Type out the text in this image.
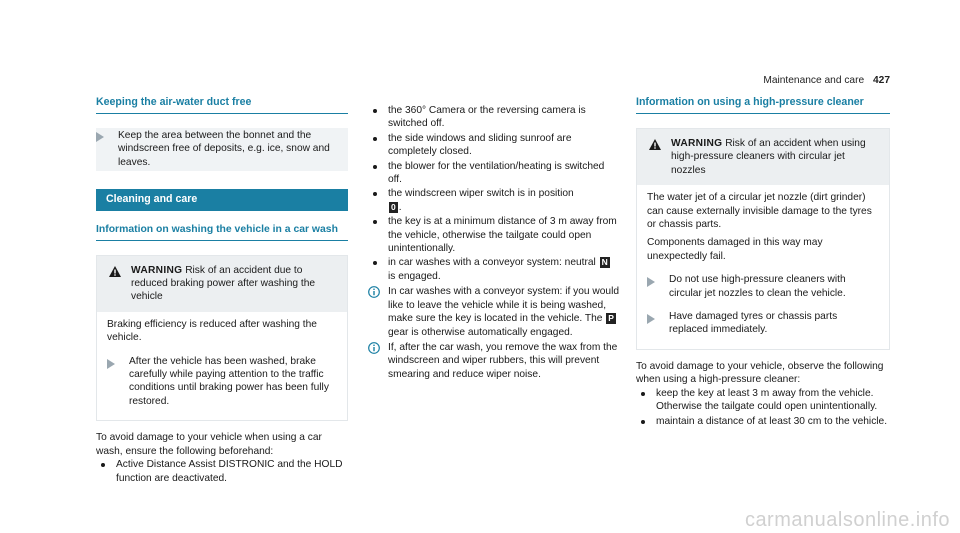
Maintenance and care 427
Keeping the air-water duct free
Keep the area between the bonnet and the windscreen free of deposits, e.g. ice, snow and leaves.
Cleaning and care
Information on washing the vehicle in a car wash
WARNING Risk of an accident due to reduced braking power after washing the vehicle

Braking efficiency is reduced after washing the vehicle.

After the vehicle has been washed, brake carefully while paying attention to the traffic conditions until braking power has been fully restored.

To avoid damage to your vehicle when using a car wash, ensure the following beforehand:

Active Distance Assist DISTRONIC and the HOLD function are deactivated.
the 360° Camera or the reversing camera is switched off.
the side windows and sliding sunroof are completely closed.
the blower for the ventilation/heating is switched off.
the windscreen wiper switch is in position
0 .
the key is at a minimum distance of 3 m away from the vehicle, otherwise the tailgate could open unintentionally.
in car washes with a conveyor system: neutral N is engaged.
In car washes with a conveyor system: if you would like to leave the vehicle while it is being washed, make sure the key is located in the vehicle. The P gear is otherwise automatically engaged.
If, after the car wash, you remove the wax from the windscreen and wiper rubbers, this will prevent smearing and reduce wiper noise.
Information on using a high-pressure cleaner
WARNING Risk of an accident when using high-pressure cleaners with circular jet nozzles

The water jet of a circular jet nozzle (dirt grinder) can cause externally invisible damage to the tyres or chassis parts.

Components damaged in this way may unexpectedly fail.

Do not use high-pressure cleaners with circular jet nozzles to clean the vehicle.
Have damaged tyres or chassis parts replaced immediately.

To avoid damage to your vehicle, observe the following when using a high-pressure cleaner:

keep the key at least 3 m away from the vehicle. Otherwise the tailgate could open unintentionally.
maintain a distance of at least 30 cm to the vehicle.
carmanualsonline.info
